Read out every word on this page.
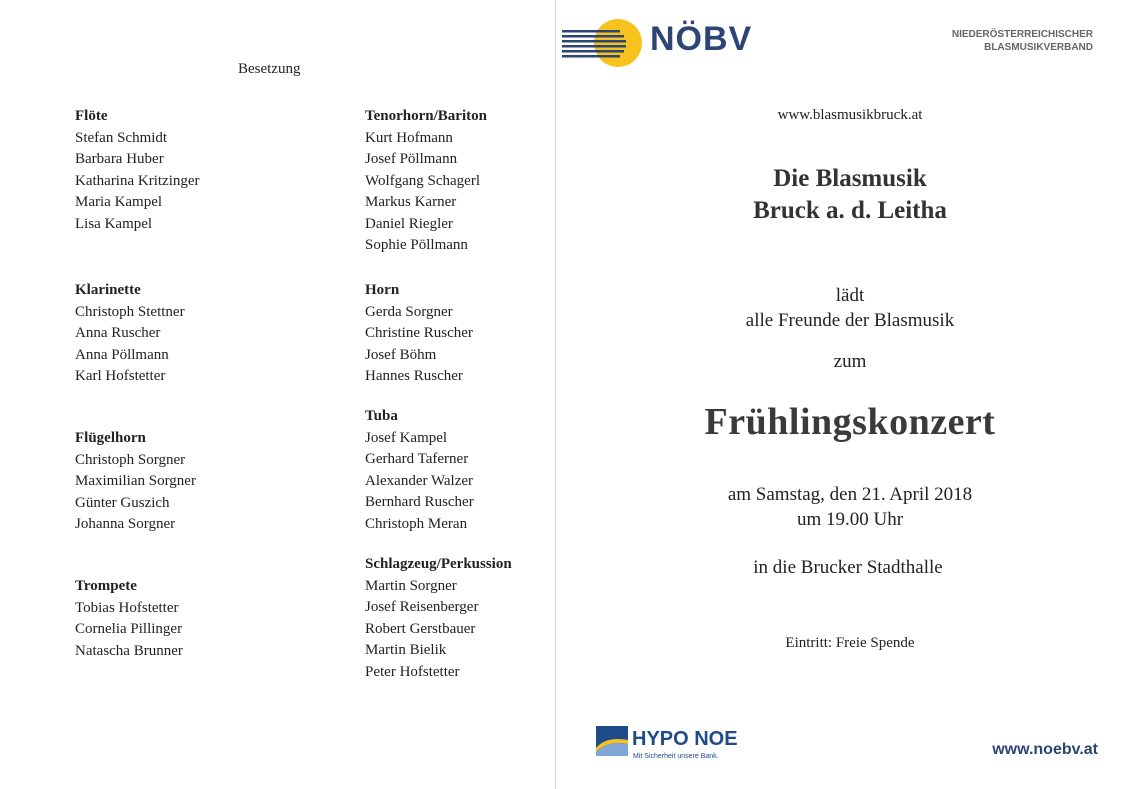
Besetzung
Flöte
Stefan Schmidt
Barbara Huber
Katharina Kritzinger
Maria Kampel
Lisa Kampel
Klarinette
Christoph Stettner
Anna Ruscher
Anna Pöllmann
Karl Hofstetter
Flügelhorn
Christoph Sorgner
Maximilian Sorgner
Günter Guszich
Johanna Sorgner
Trompete
Tobias Hofstetter
Cornelia Pillinger
Natascha Brunner
Tenorhorn/Bariton
Kurt Hofmann
Josef Pöllmann
Wolfgang Schagerl
Markus Karner
Daniel Riegler
Sophie Pöllmann
Horn
Gerda Sorgner
Christine Ruscher
Josef Böhm
Hannes Ruscher
Tuba
Josef Kampel
Gerhard Taferner
Alexander Walzer
Bernhard Ruscher
Christoph Meran
Schlagzeug/Perkussion
Martin Sorgner
Josef Reisenberger
Robert Gerstbauer
Martin Bielik
Peter Hofstetter
NÖBV	NIEDERÖSTERREICHISCHER
BLASMUSIKVERBAND
www.blasmusikbruck.at
Die Blasmusik
Bruck a. d. Leitha
lädt
alle Freunde der Blasmusik
zum
Frühlingskonzert
am Samstag, den 21. April 2018
um 19.00 Uhr
in die Brucker Stadthalle
Eintritt: Freie Spende
HYPO NOE
Mit Sicherheit unsere Bank.	www.noebv.at
